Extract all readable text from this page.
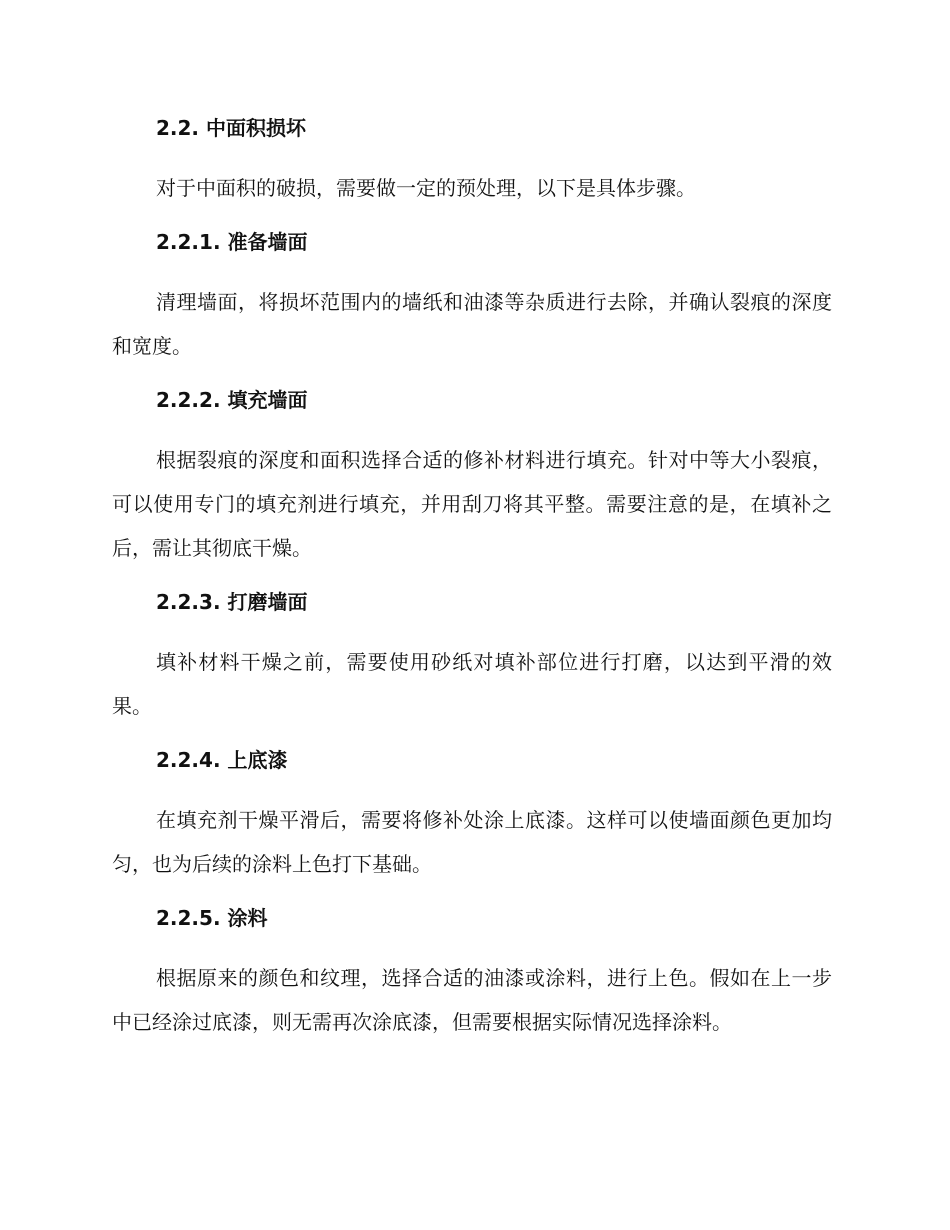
2.2. 中面积损坏

对于中面积的破损，需要做一定的预处理，以下是具体步骤。

2.2.1. 准备墙面

清理墙面，将损坏范围内的墙纸和油漆等杂质进行去除，并确认裂痕的深度和宽度。

2.2.2. 填充墙面

根据裂痕的深度和面积选择合适的修补材料进行填充。针对中等大小裂痕，可以使用专门的填充剂进行填充，并用刮刀将其平整。需要注意的是，在填补之后，需让其彻底干燥。

2.2.3. 打磨墙面

填补材料干燥之前，需要使用砂纸对填补部位进行打磨，以达到平滑的效果。

2.2.4. 上底漆

在填充剂干燥平滑后，需要将修补处涂上底漆。这样可以使墙面颜色更加均匀，也为后续的涂料上色打下基础。

2.2.5. 涂料

根据原来的颜色和纹理，选择合适的油漆或涂料，进行上色。假如在上一步中已经涂过底漆，则无需再次涂底漆，但需要根据实际情况选择涂料。
